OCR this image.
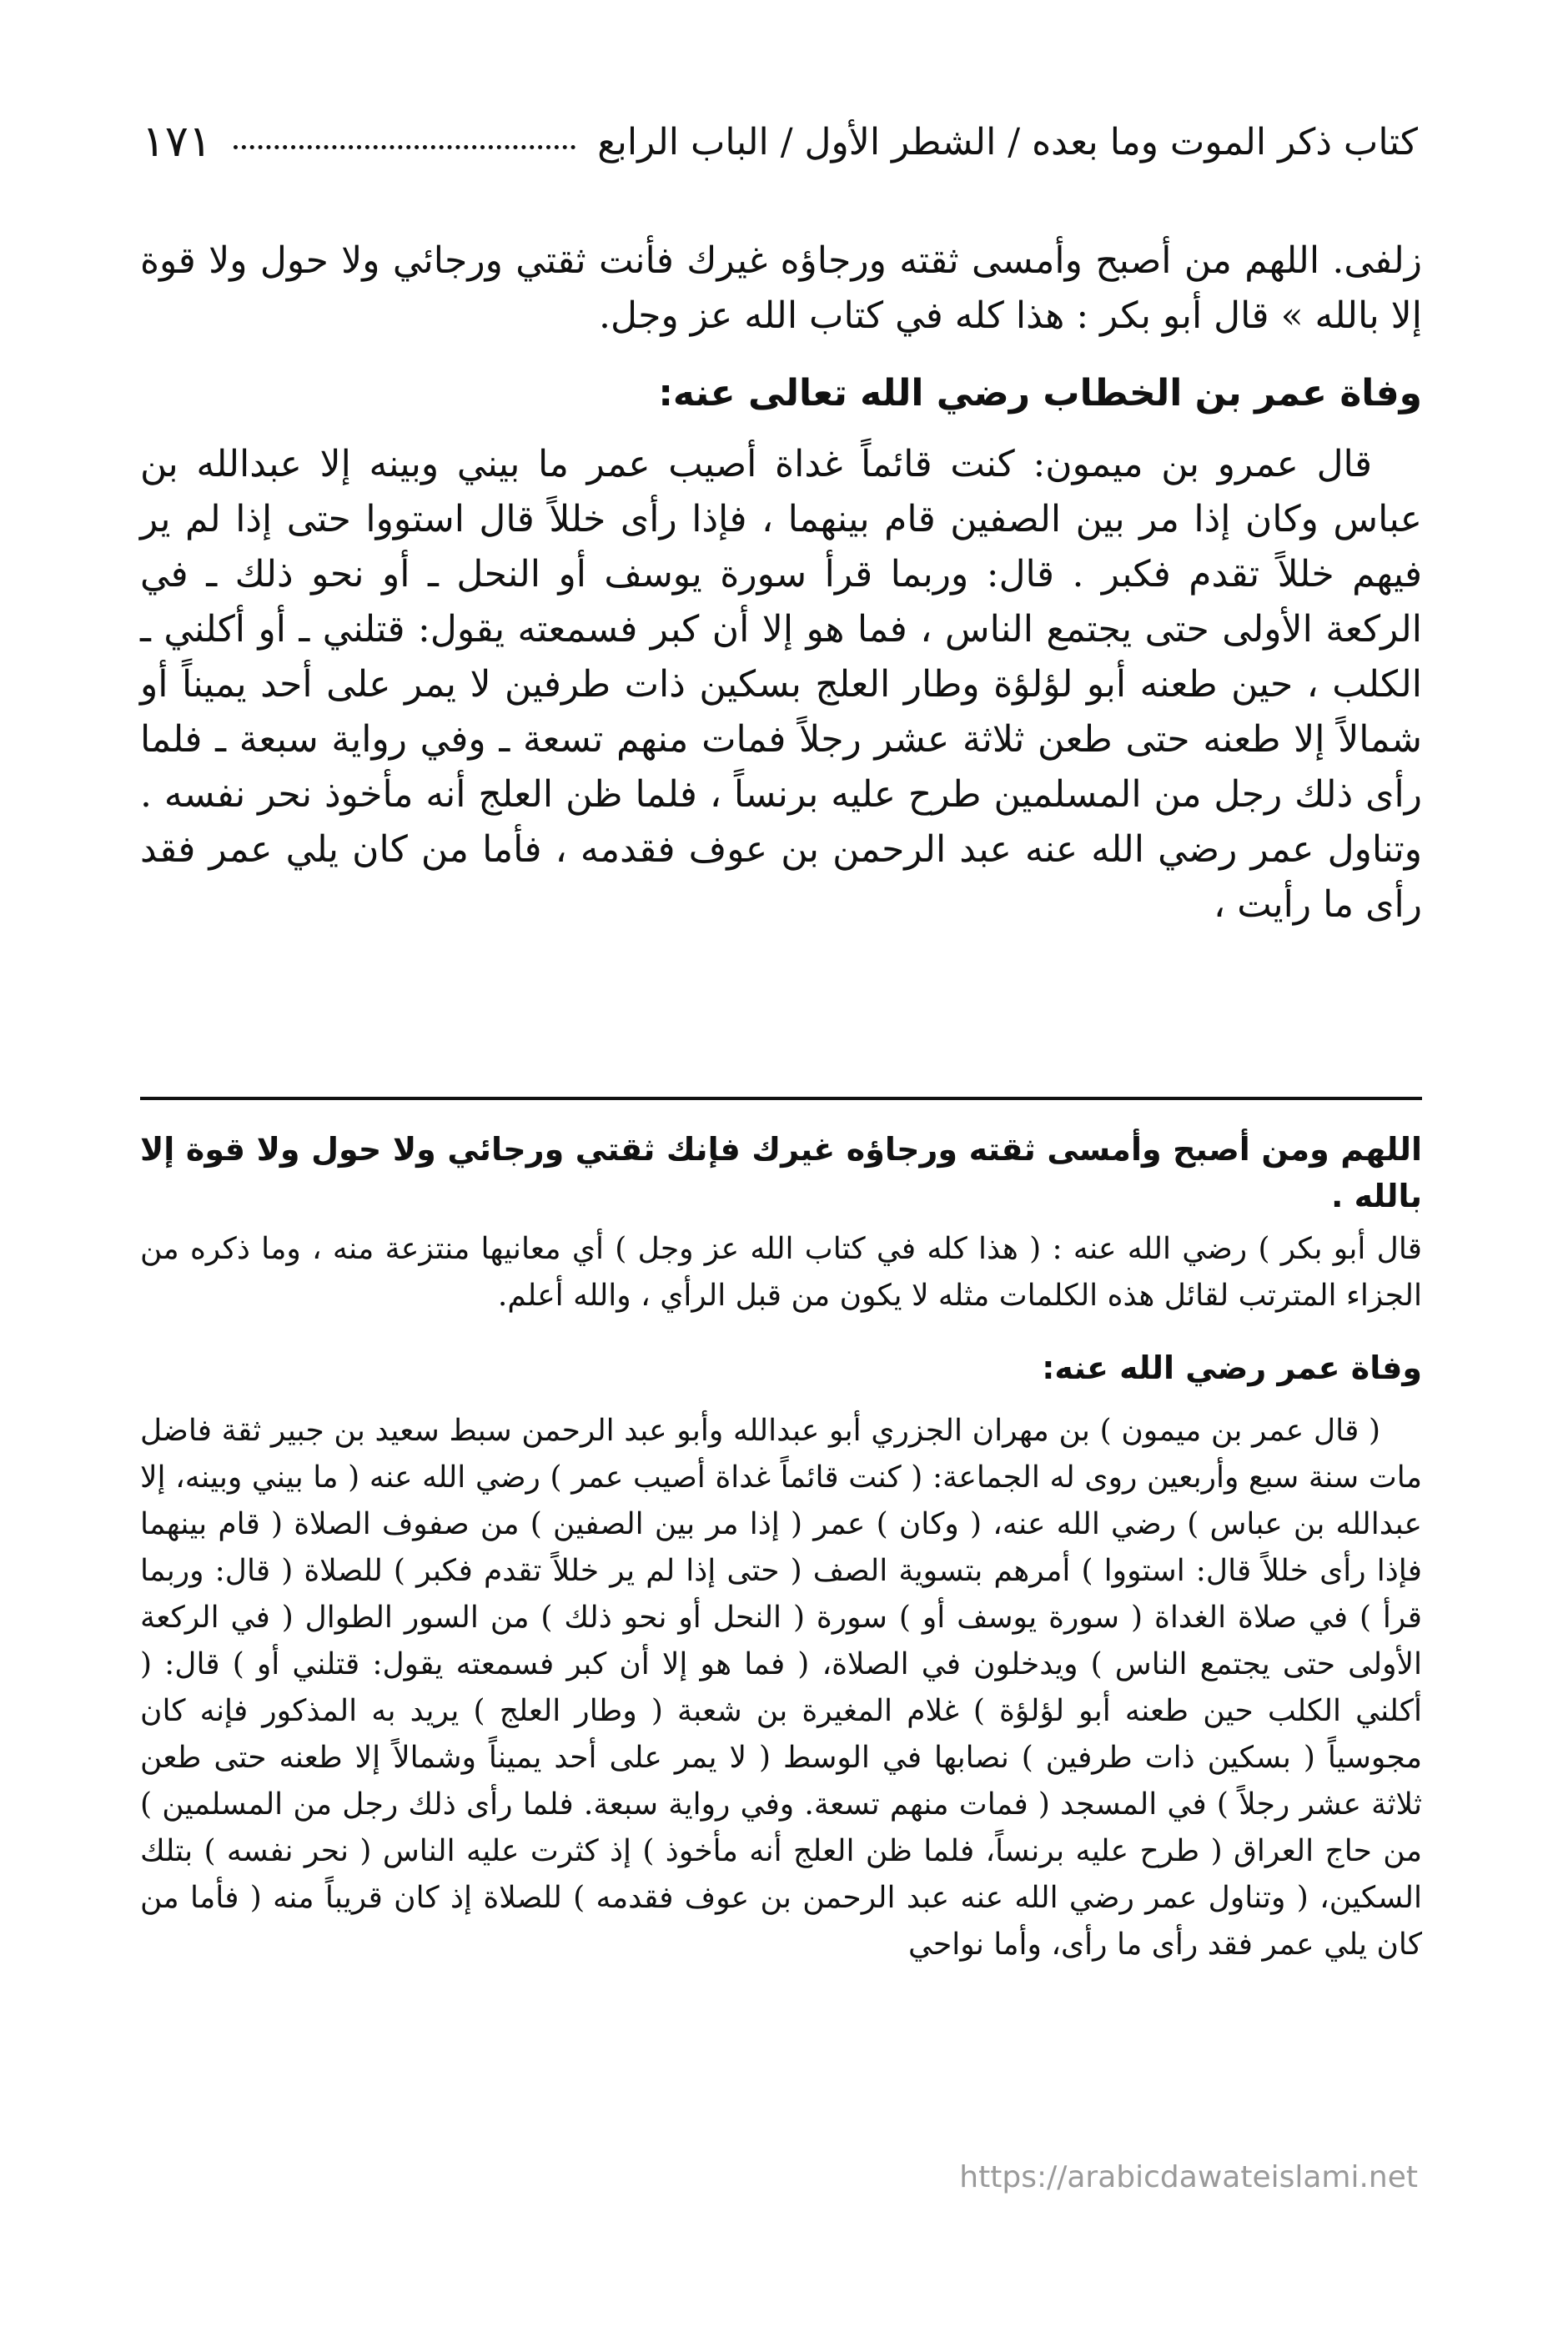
كتاب ذكر الموت وما بعده / الشطر الأول / الباب الرابع
١٧١

زلفى. اللهم من أصبح وأمسى ثقته ورجاؤه غيرك فأنت ثقتي ورجائي ولا حول ولا قوة إلا بالله » قال أبو بكر : هذا كله في كتاب الله عز وجل.

وفاة عمر بن الخطاب رضي الله تعالى عنه:

قال عمرو بن ميمون: كنت قائماً غداة أصيب عمر ما بيني وبينه إلا عبدالله بن عباس وكان إذا مر بين الصفين قام بينهما ، فإذا رأى خللاً قال استووا حتى إذا لم ير فيهم خللاً تقدم فكبر . قال: وربما قرأ سورة يوسف أو النحل ـ أو نحو ذلك ـ في الركعة الأولى حتى يجتمع الناس ، فما هو إلا أن كبر فسمعته يقول: قتلني ـ أو أكلني ـ الكلب ، حين طعنه أبو لؤلؤة وطار العلج بسكين ذات طرفين لا يمر على أحد يميناً أو شمالاً إلا طعنه حتى طعن ثلاثة عشر رجلاً فمات منهم تسعة ـ وفي رواية سبعة ـ فلما رأى ذلك رجل من المسلمين طرح عليه برنساً ، فلما ظن العلج أنه مأخوذ نحر نفسه . وتناول عمر رضي الله عنه عبد الرحمن بن عوف فقدمه ، فأما من كان يلي عمر فقد رأى ما رأيت ،

اللهم ومن أصبح وأمسى ثقته ورجاؤه غيرك فإنك ثقتي ورجائي ولا حول ولا قوة إلا بالله .

قال أبو بكر ) رضي الله عنه : ( هذا كله في كتاب الله عز وجل ) أي معانيها منتزعة منه ، وما ذكره من الجزاء المترتب لقائل هذه الكلمات مثله لا يكون من قبل الرأي ، والله أعلم.

وفاة عمر رضي الله عنه:

( قال عمر بن ميمون ) بن مهران الجزري أبو عبدالله وأبو عبد الرحمن سبط سعيد بن جبير ثقة فاضل مات سنة سبع وأربعين روى له الجماعة: ( كنت قائماً غداة أصيب عمر ) رضي الله عنه ( ما بيني وبينه، إلا عبدالله بن عباس ) رضي الله عنه، ( وكان ) عمر ( إذا مر بين الصفين ) من صفوف الصلاة ( قام بينهما فإذا رأى خللاً قال: استووا ) أمرهم بتسوية الصف ( حتى إذا لم ير خللاً تقدم فكبر ) للصلاة ( قال: وربما قرأ ) في صلاة الغداة ( سورة يوسف أو ) سورة ( النحل أو نحو ذلك ) من السور الطوال ( في الركعة الأولى حتى يجتمع الناس ) ويدخلون في الصلاة، ( فما هو إلا أن كبر فسمعته يقول: قتلني أو ) قال: ( أكلني الكلب حين طعنه أبو لؤلؤة ) غلام المغيرة بن شعبة ( وطار العلج ) يريد به المذكور فإنه كان مجوسياً ( بسكين ذات طرفين ) نصابها في الوسط ( لا يمر على أحد يميناً وشمالاً إلا طعنه حتى طعن ثلاثة عشر رجلاً ) في المسجد ( فمات منهم تسعة. وفي رواية سبعة. فلما رأى ذلك رجل من المسلمين ) من حاج العراق ( طرح عليه برنساً، فلما ظن العلج أنه مأخوذ ) إذ كثرت عليه الناس ( نحر نفسه ) بتلك السكين، ( وتناول عمر رضي الله عنه عبد الرحمن بن عوف فقدمه ) للصلاة إذ كان قريباً منه ( فأما من كان يلي عمر فقد رأى ما رأى، وأما نواحي

https://arabicdawateislami.net
